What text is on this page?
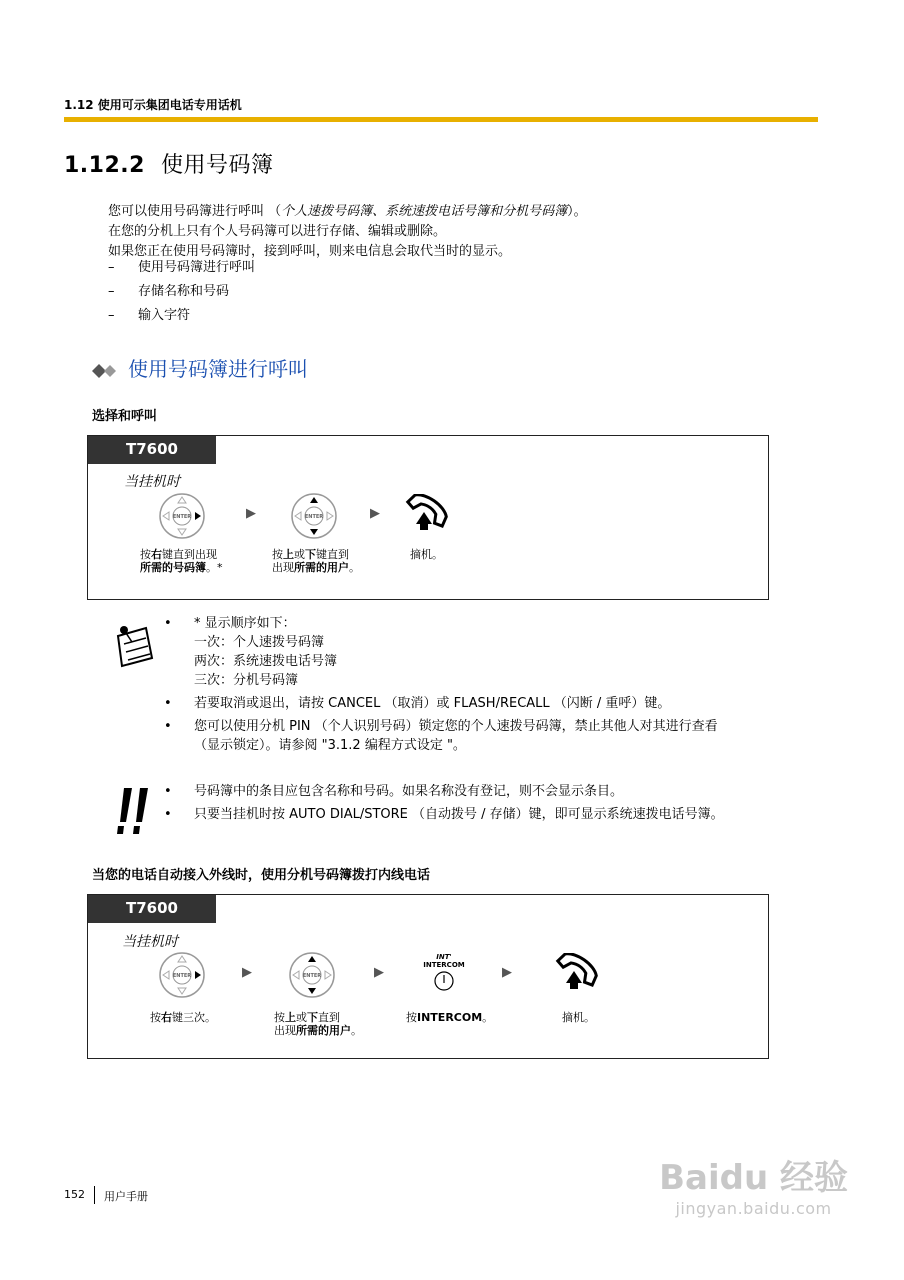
1.12 使用可示集团电话专用话机
1.12.2 使用号码簿
您可以使用号码簿进行呼叫 （个人速拨号码簿、系统速拨电话号簿和分机号码簿）。
在您的分机上只有个人号码簿可以进行存储、编辑或删除。
如果您正在使用号码簿时，接到呼叫，则来电信息会取代当时的显示。
– 使用号码簿进行呼叫
– 存储名称和号码
– 输入字符
使用号码簿进行呼叫
选择和呼叫
T7600
当挂机时
ENTER	▶	ENTER	▶
按右键直到出现
所需的号码簿。*
按上或下键直到
出现所需的用户。
摘机。
• * 显示顺序如下：
一次：个人速拨号码簿
两次：系统速拨电话号簿
三次：分机号码簿
• 若要取消或退出，请按 CANCEL （取消）或 FLASH/RECALL （闪断 / 重呼）键。
• 您可以使用分机 PIN （个人识别号码）锁定您的个人速拨号码簿，禁止其他人对其进行查看
（显示锁定）。请参阅 "3.1.2 编程方式设定 "。
• 号码簿中的条目应包含名称和号码。如果名称没有登记，则不会显示条目。
• 只要当挂机时按 AUTO DIAL/STORE （自动拨号 / 存储）键，即可显示系统速拨电话号簿。
当您的电话自动接入外线时，使用分机号码簿拨打内线电话
T7600
当挂机时
ENTER	▶	ENTER	▶
INT'
INTERCOM	▶
按右键三次。	按上或下直到
出现所需的用户。
按INTERCOM。	摘机。
152 用户手册	Baidu 经验
jingyan.baidu.com
